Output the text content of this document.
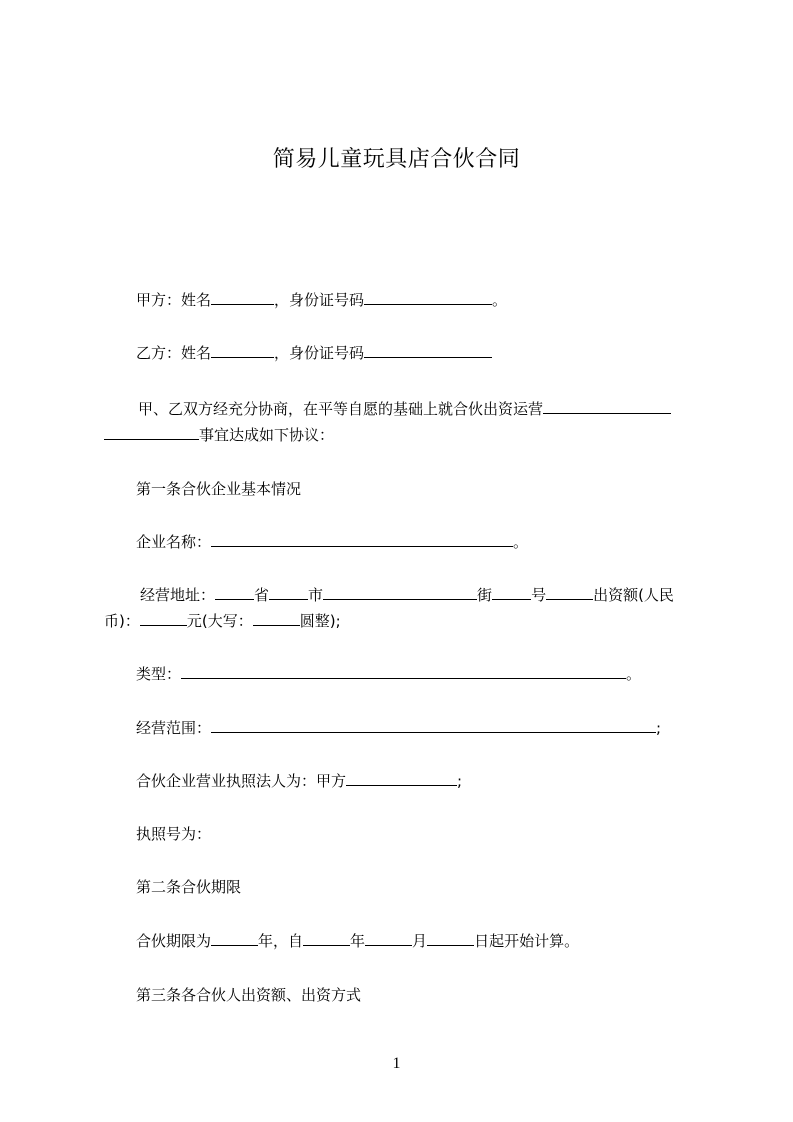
简易儿童玩具店合伙合同
甲方：姓名	，身份证号码	。
乙方：姓名	，身份证号码
甲、乙双方经充分协商，在平等自愿的基础上就合伙出资运营
事宜达成如下协议：
第一条合伙企业基本情况
企业名称：	。
经营地址：	省	市	街	号	出资额(人民
币)：	元(大写：	圆整);
类型：	。
经营范围：	;
合伙企业营业执照法人为：甲方	;
执照号为：
第二条合伙期限
合伙期限为	年，自	年	月	日起开始计算。
第三条各合伙人出资额、出资方式
1
